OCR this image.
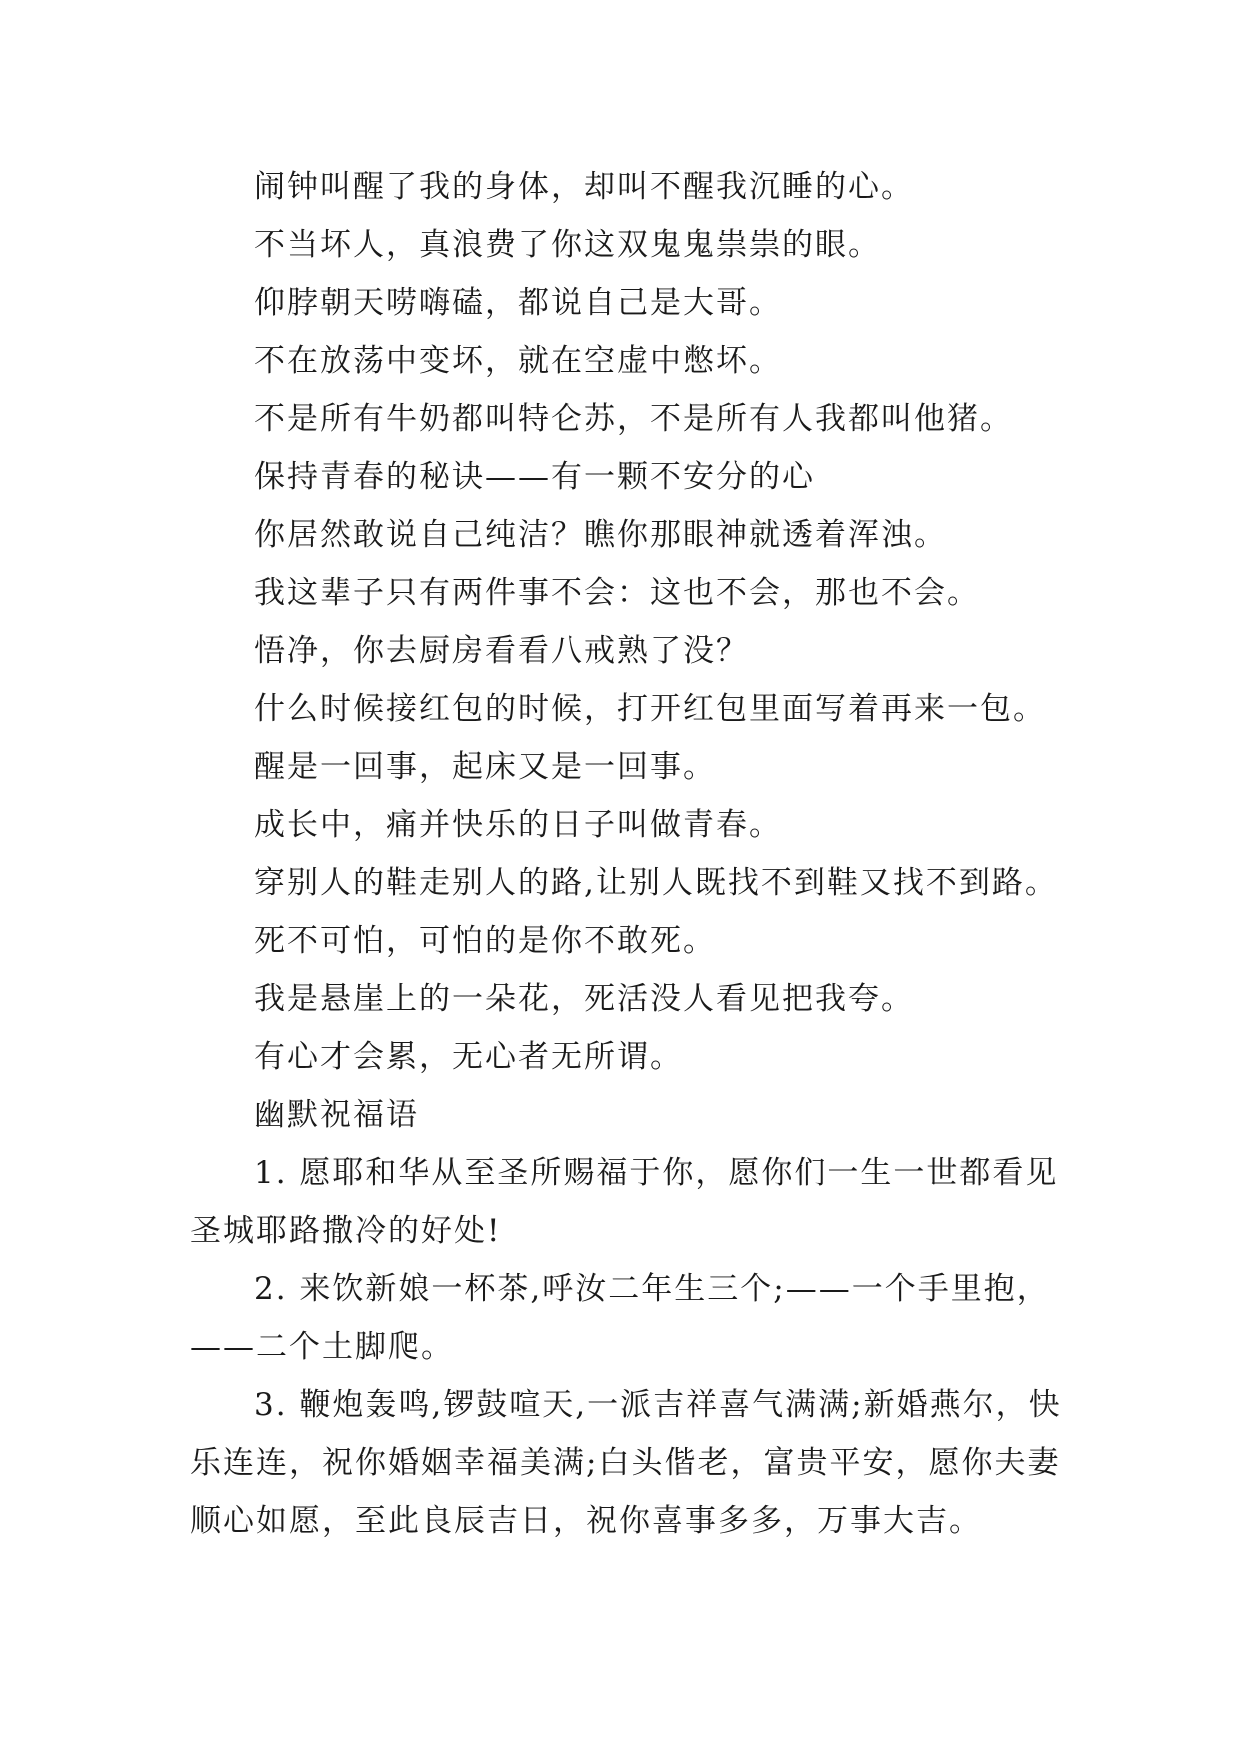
闹钟叫醒了我的身体，却叫不醒我沉睡的心。
不当坏人，真浪费了你这双鬼鬼祟祟的眼。
仰脖朝天唠嗨磕，都说自己是大哥。
不在放荡中变坏，就在空虚中憋坏。
不是所有牛奶都叫特仑苏，不是所有人我都叫他猪。
保持青春的秘诀——有一颗不安分的心
你居然敢说自己纯洁？瞧你那眼神就透着浑浊。
我这辈子只有两件事不会：这也不会，那也不会。
悟净，你去厨房看看八戒熟了没？
什么时候接红包的时候，打开红包里面写着再来一包。
醒是一回事，起床又是一回事。
成长中，痛并快乐的日子叫做青春。
穿别人的鞋走别人的路,让别人既找不到鞋又找不到路。
死不可怕，可怕的是你不敢死。
我是悬崖上的一朵花，死活没人看见把我夸。
有心才会累，无心者无所谓。
幽默祝福语

1. 愿耶和华从至圣所赐福于你，愿你们一生一世都看见圣城耶路撒冷的好处!

2. 来饮新娘一杯茶,呼汝二年生三个;——一个手里抱，——二个土脚爬。

3. 鞭炮轰鸣,锣鼓喧天,一派吉祥喜气满满;新婚燕尔，快乐连连，祝你婚姻幸福美满;白头偕老，富贵平安，愿你夫妻顺心如愿，至此良辰吉日，祝你喜事多多，万事大吉。
